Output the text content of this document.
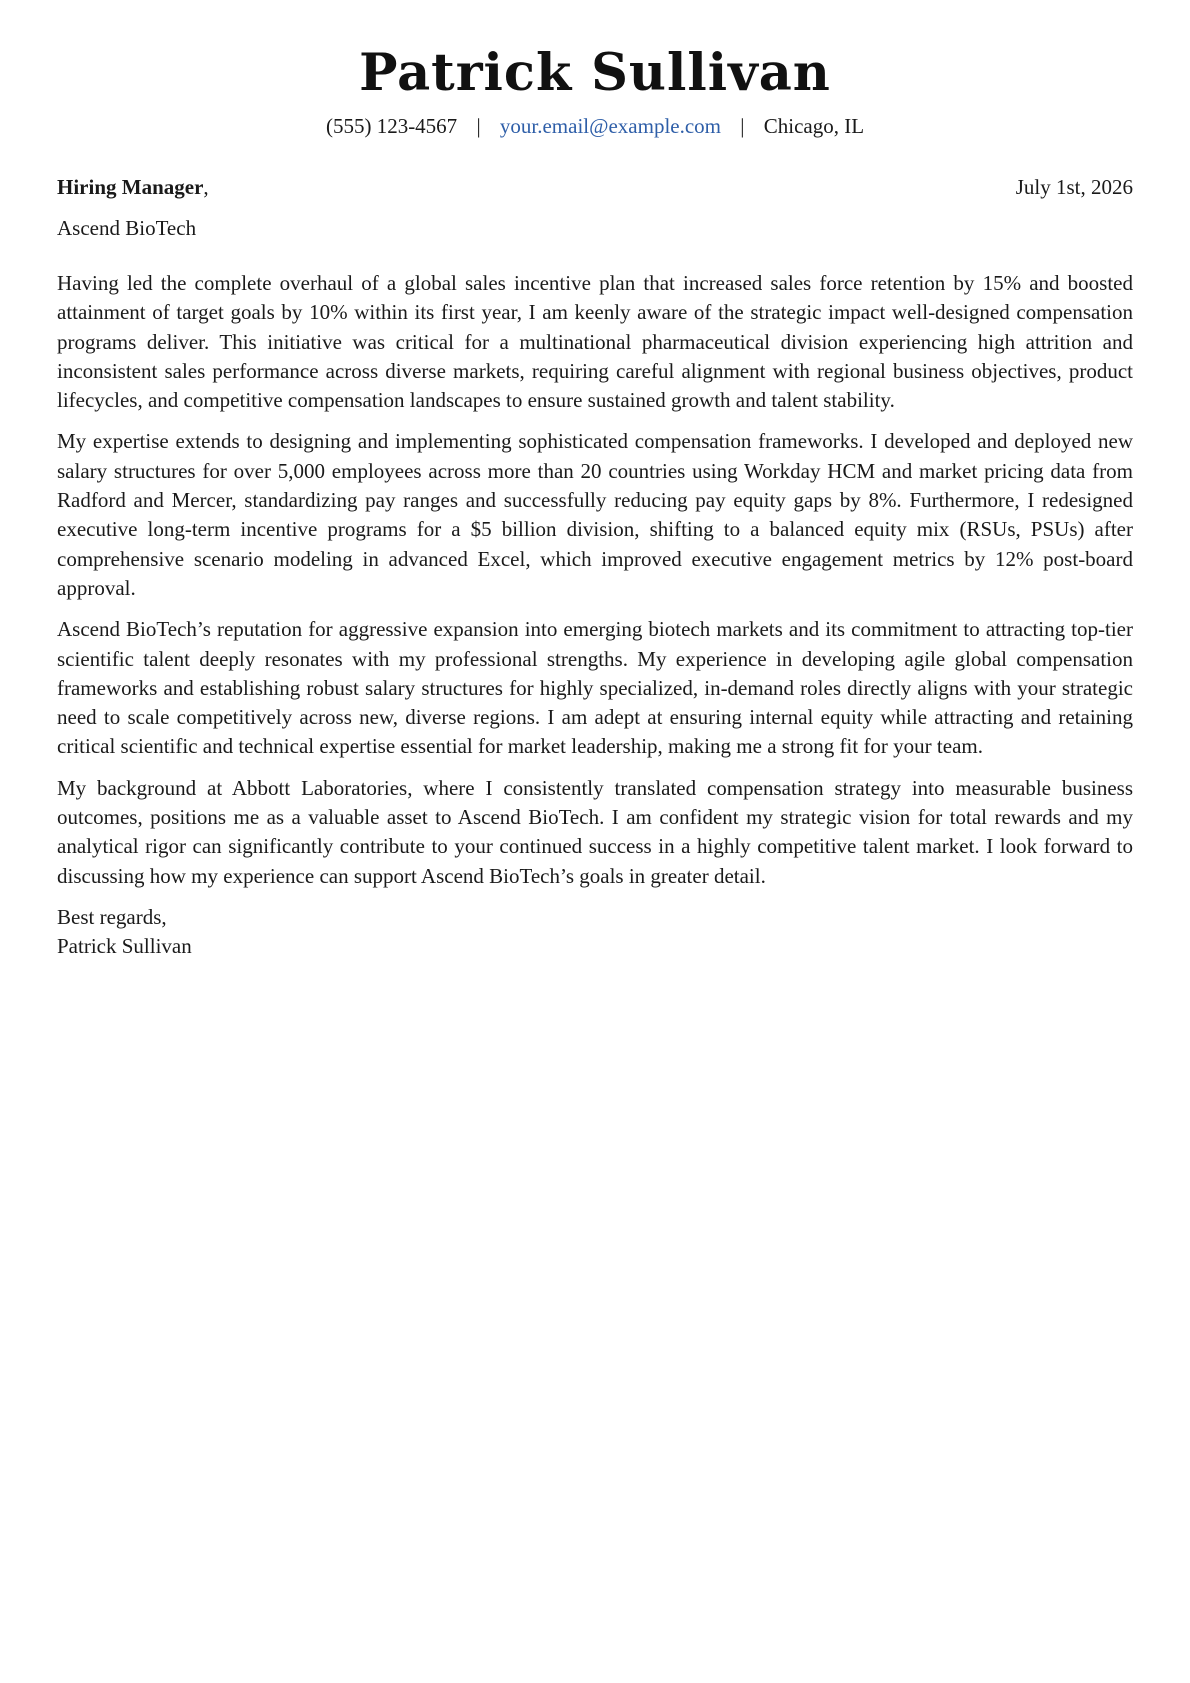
Patrick Sullivan
(555) 123-4567 | your.email@example.com | Chicago, IL
Hiring Manager,	July 1st, 2026
Ascend BioTech

Having led the complete overhaul of a global sales incentive plan that increased sales force retention by 15% and boosted attainment of target goals by 10% within its first year, I am keenly aware of the strategic impact well-designed compensation programs deliver. This initiative was critical for a multinational pharmaceutical division experiencing high attrition and inconsistent sales performance across diverse markets, requiring careful alignment with regional business objectives, product lifecycles, and competitive compensation landscapes to ensure sustained growth and talent stability.

My expertise extends to designing and implementing sophisticated compensation frameworks. I developed and deployed new salary structures for over 5,000 employees across more than 20 countries using Workday HCM and market pricing data from Radford and Mercer, standardizing pay ranges and successfully reducing pay equity gaps by 8%. Furthermore, I redesigned executive long-term incentive programs for a $5 billion division, shifting to a balanced equity mix (RSUs, PSUs) after comprehensive scenario modeling in advanced Excel, which improved executive engagement metrics by 12% post-board approval.

Ascend BioTech’s reputation for aggressive expansion into emerging biotech markets and its commitment to attracting top-tier scientific talent deeply resonates with my professional strengths. My experience in developing agile global compensation frameworks and establishing robust salary structures for highly specialized, in-demand roles directly aligns with your strategic need to scale competitively across new, diverse regions. I am adept at ensuring internal equity while attracting and retaining critical scientific and technical expertise essential for market leadership, making me a strong fit for your team.

My background at Abbott Laboratories, where I consistently translated compensation strategy into measurable business outcomes, positions me as a valuable asset to Ascend BioTech. I am confident my strategic vision for total rewards and my analytical rigor can significantly contribute to your continued success in a highly competitive talent market. I look forward to discussing how my experience can support Ascend BioTech’s goals in greater detail.

Best regards,
Patrick Sullivan
